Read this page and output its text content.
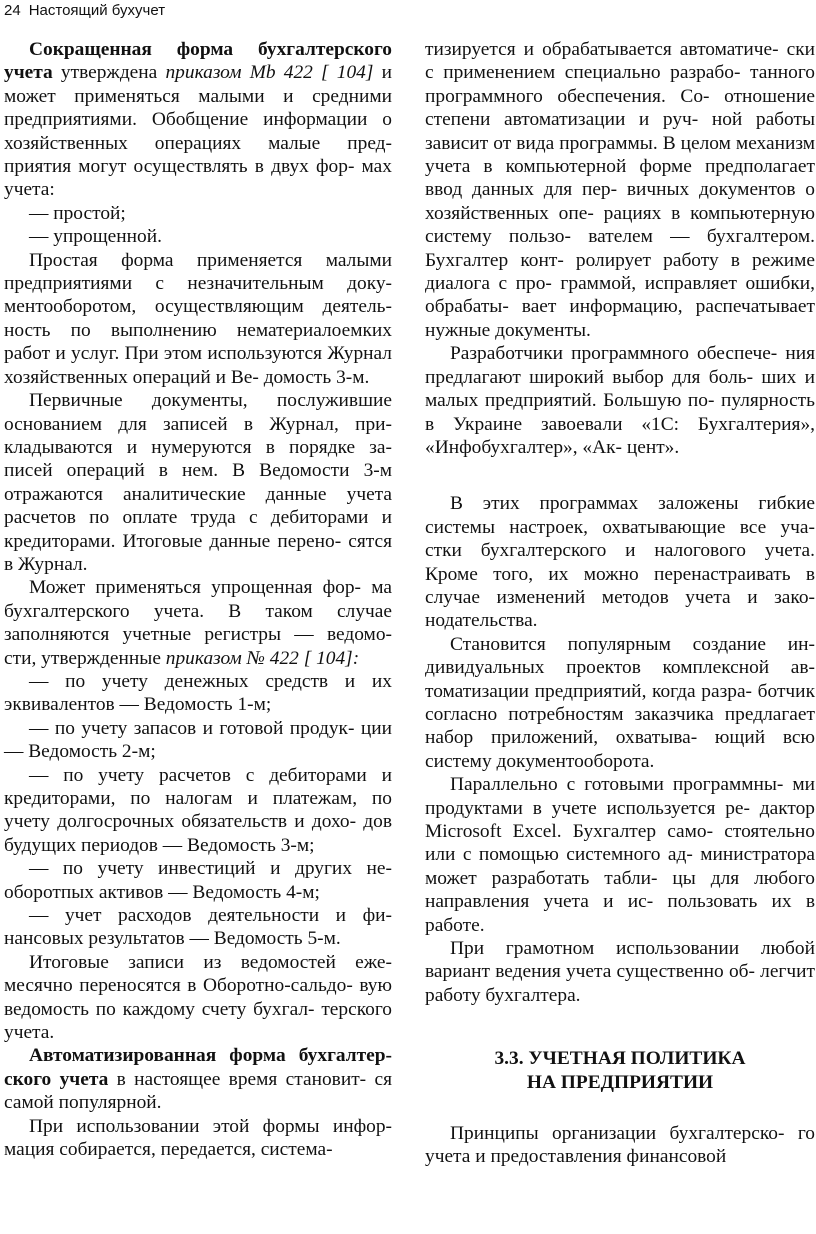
24 Настоящий бухучет

Сокращенная форма бухгалтерского учета утверждена приказом Мb 422 [ 104] и может применяться малыми и средними предприятиями. Обобщение информации о хозяйственных операциях малые пред- приятия могут осуществлять в двух фор- мах учета:

— простой;

— упрощенной.

Простая форма применяется малыми предприятиями с незначительным доку- ментооборотом, осуществляющим деятель- ность по выполнению нематериалоемких работ и услуг. При этом используются Журнал хозяйственных операций и Ве- домость 3-м.

Первичные документы, послужившие основанием для записей в Журнал, при- кладываются и нумеруются в порядке за- писей операций в нем. В Ведомости 3-м отражаются аналитические данные учета расчетов по оплате труда с дебиторами и кредиторами. Итоговые данные перено- сятся в Журнал.

Может применяться упрощенная фор- ма бухгалтерского учета. В таком случае заполняются учетные регистры — ведомо- сти, утвержденные приказом № 422 [ 104]:

— по учету денежных средств и их эквивалентов — Ведомость 1-м;

— по учету запасов и готовой продук- ции — Ведомость 2-м;

— по учету расчетов с дебиторами и кредиторами, по налогам и платежам, по учету долгосрочных обязательств и дохо- дов будущих периодов — Ведомость 3-м;

— по учету инвестиций и других не- оборотпых активов — Ведомость 4-м;

— учет расходов деятельности и фи- нансовых результатов — Ведомость 5-м.

Итоговые записи из ведомостей еже- месячно переносятся в Оборотно-сальдо- вую ведомость по каждому счету бухгал- терского учета.

Автоматизированная форма бухгалтер- ского учета в настоящее время становит- ся самой популярной.

При использовании этой формы инфор- мация собирается, передается, система-

тизируется и обрабатывается автоматиче- ски с применением специально разрабо- танного программного обеспечения. Со- отношение степени автоматизации и руч- ной работы зависит от вида программы. В целом механизм учета в компьютерной форме предполагает ввод данных для пер- вичных документов о хозяйственных опе- рациях в компьютерную систему пользо- вателем — бухгалтером. Бухгалтер конт- ролирует работу в режиме диалога с про- граммой, исправляет ошибки, обрабаты- вает информацию, распечатывает нужные документы.

Разработчики программного обеспече- ния предлагают широкий выбор для боль- ших и малых предприятий. Большую по- пулярность в Украине завоевали «1С: Бухгалтерия», «Инфобухгалтер», «Ак- цент».

В этих программах заложены гибкие системы настроек, охватывающие все уча- стки бухгалтерского и налогового учета. Кроме того, их можно перенастраивать в случае изменений методов учета и зако- нодательства.

Становится популярным создание ин- дивидуальных проектов комплексной ав- томатизации предприятий, когда разра- ботчик согласно потребностям заказчика предлагает набор приложений, охватыва- ющий всю систему документооборота.

Параллельно с готовыми программны- ми продуктами в учете используется ре- дактор Microsoft Excel. Бухгалтер само- стоятельно или с помощью системного ад- министратора может разработать табли- цы для любого направления учета и ис- пользовать их в работе.

При грамотном использовании любой вариант ведения учета существенно об- легчит работу бухгалтера.

3.3. УЧЕТНАЯ ПОЛИТИКА
НА ПРЕДПРИЯТИИ

Принципы организации бухгалтерско- го учета и предоставления финансовой
